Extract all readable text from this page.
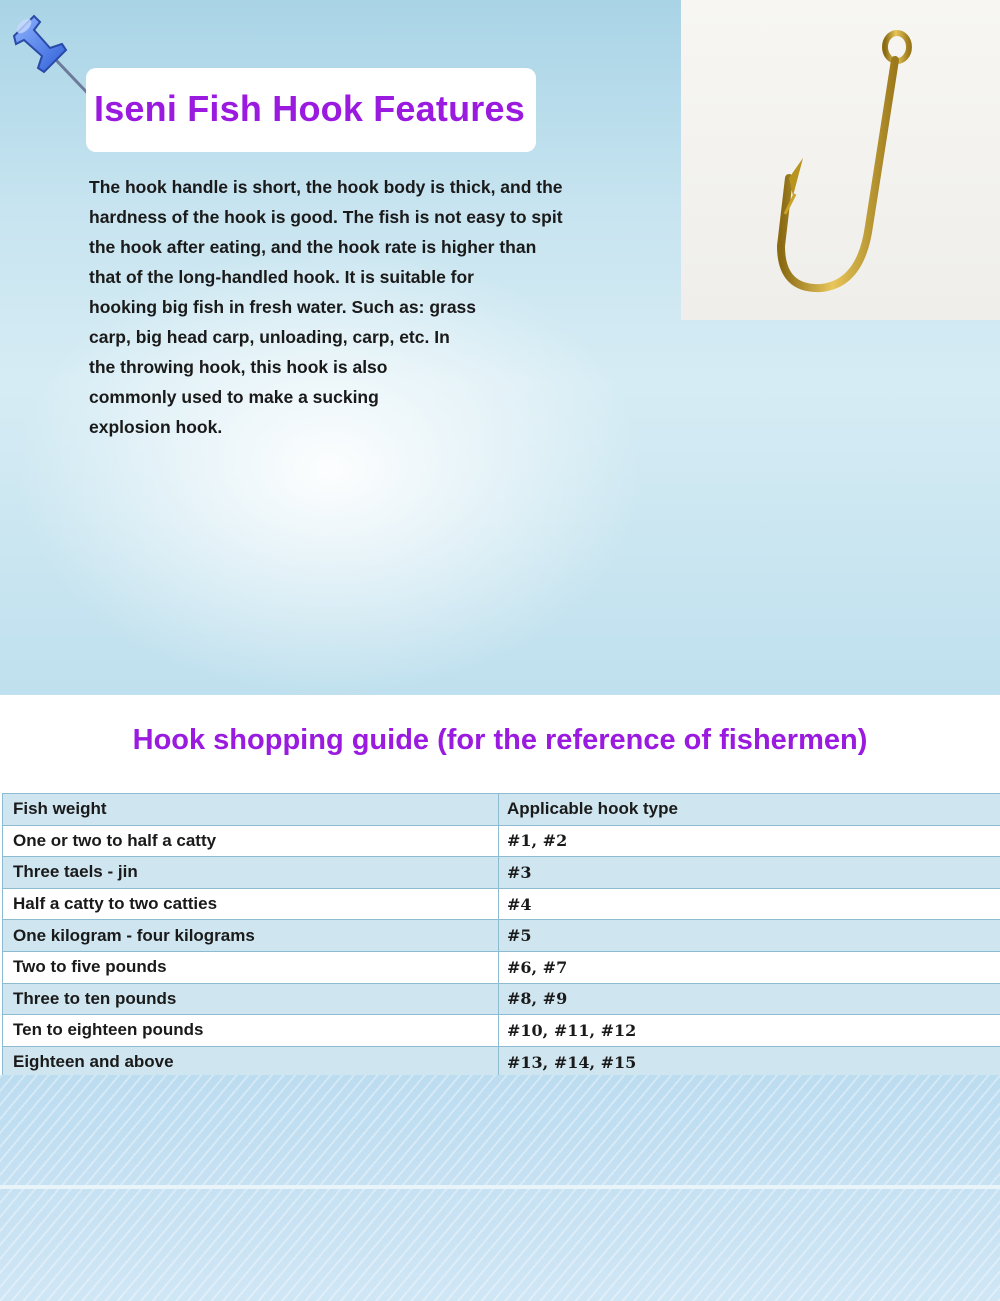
Iseni Fish Hook Features
The hook handle is short, the hook body is thick, and the
hardness of the hook is good. The fish is not easy to spit
the hook after eating, and the hook rate is higher than
that of the long-handled hook. It is suitable for
hooking big fish in fresh water. Such as: grass
carp, big head carp, unloading, carp, etc. In
the throwing hook, this hook is also
commonly used to make a sucking
explosion hook.
Hook shopping guide (for the reference of fishermen)
Fish weight	Applicable hook type
One or two to half a catty	#1, #2
Three taels - jin	#3
Half a catty to two catties	#4
One kilogram - four kilograms	#5
Two to five pounds	#6, #7
Three to ten pounds	#8, #9
Ten to eighteen pounds	#10, #11, #12
Eighteen and above	#13, #14, #15
